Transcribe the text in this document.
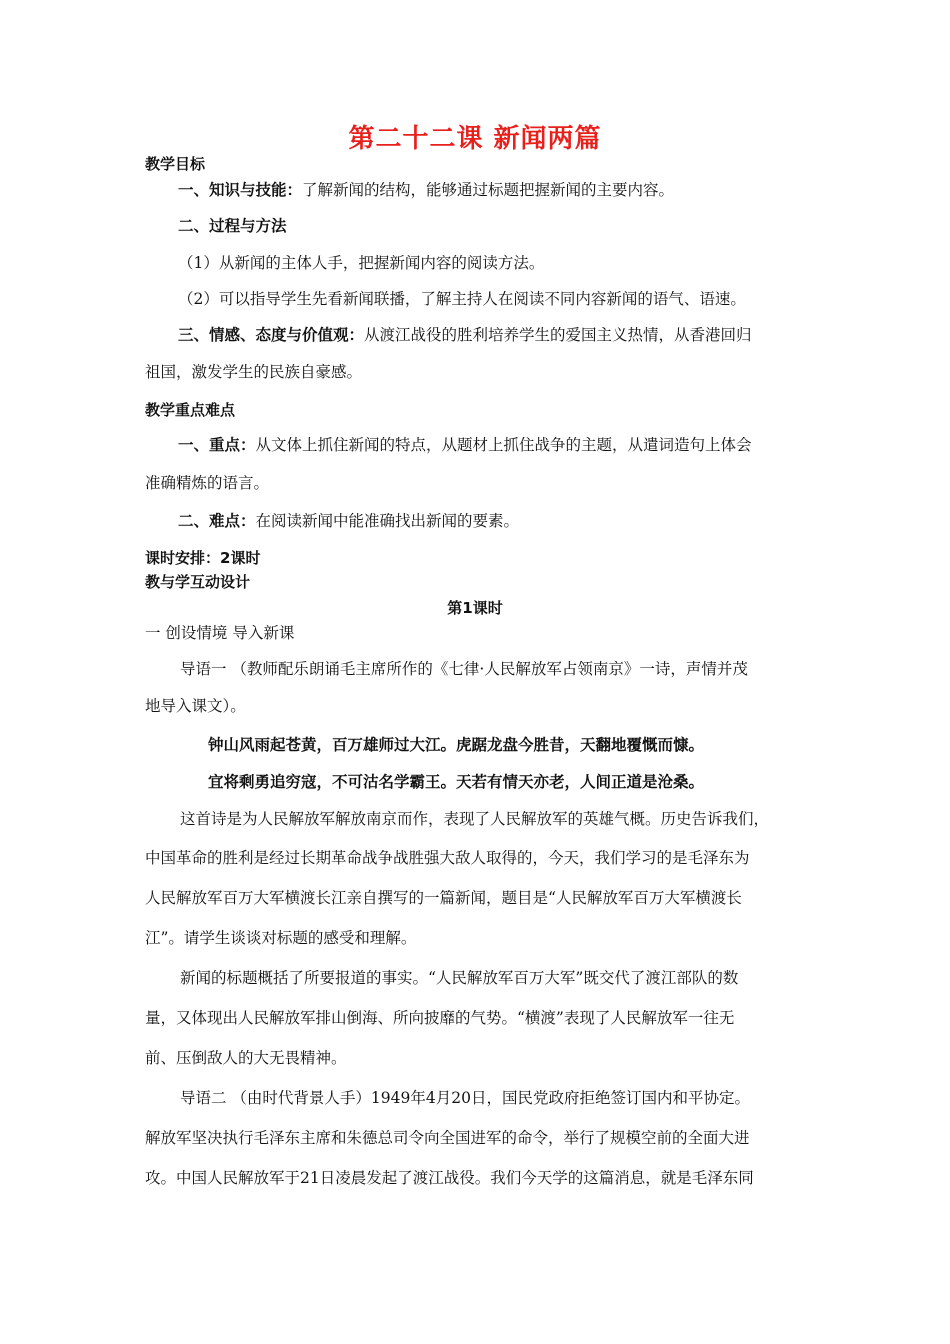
第二十二课 新闻两篇
教学目标
一、知识与技能：了解新闻的结构，能够通过标题把握新闻的主要内容。
二、过程与方法
（1）从新闻的主体人手，把握新闻内容的阅读方法。
（2）可以指导学生先看新闻联播，了解主持人在阅读不同内容新闻的语气、语速。
三、情感、态度与价值观：从渡江战役的胜利培养学生的爱国主义热情，从香港回归
祖国，激发学生的民族自豪感。
教学重点难点
一、重点：从文体上抓住新闻的特点，从题材上抓住战争的主题，从遣词造句上体会
准确精炼的语言。
二、难点：在阅读新闻中能准确找出新闻的要素。
课时安排：2课时
教与学互动设计
第1课时
一 创设情境 导入新课
导语一 （教师配乐朗诵毛主席所作的《七律·人民解放军占领南京》一诗，声情并茂
地导入课文）。
钟山风雨起苍黄，百万雄师过大江。虎踞龙盘今胜昔，天翻地覆慨而慷。
宜将剩勇追穷寇，不可沽名学霸王。天若有情天亦老，人间正道是沧桑。
这首诗是为人民解放军解放南京而作，表现了人民解放军的英雄气概。历史告诉我们，
中国革命的胜利是经过长期革命战争战胜强大敌人取得的，今天，我们学习的是毛泽东为
人民解放军百万大军横渡长江亲自撰写的一篇新闻，题目是“人民解放军百万大军横渡长
江”。请学生谈谈对标题的感受和理解。
新闻的标题概括了所要报道的事实。“人民解放军百万大军”既交代了渡江部队的数
量，又体现出人民解放军排山倒海、所向披靡的气势。“横渡”表现了人民解放军一往无
前、压倒敌人的大无畏精神。
导语二 （由时代背景人手）1949年4月20日，国民党政府拒绝签订国内和平协定。
解放军坚决执行毛泽东主席和朱德总司令向全国进军的命令，举行了规模空前的全面大进
攻。中国人民解放军于21日凌晨发起了渡江战役。我们今天学的这篇消息，就是毛泽东同
